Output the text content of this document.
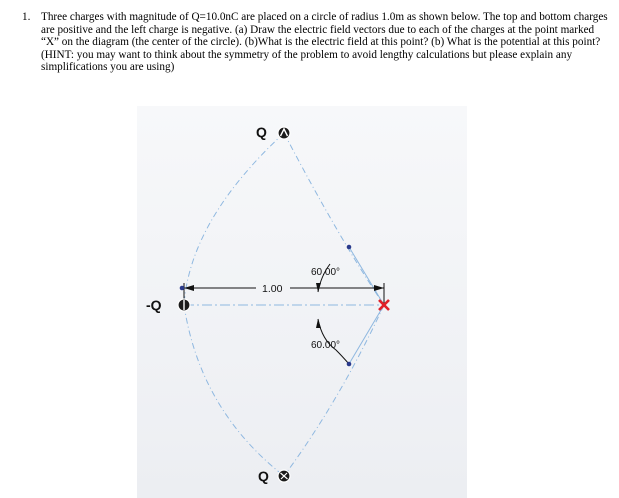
1. Three charges with magnitude of Q=10.0nC are placed on a circle of radius 1.0m as shown below. The top and bottom charges are positive and the left charge is negative. (a) Draw the electric field vectors due to each of the charges at the point marked “X” on the diagram (the center of the circle). (b)What is the electric field at this point? (b) What is the potential at this point? (HINT: you may want to think about the symmetry of the problem to avoid lengthy calculations but please explain any simplifications you are using)
1.00
60.00°
60.00°
Q
-Q
Q
